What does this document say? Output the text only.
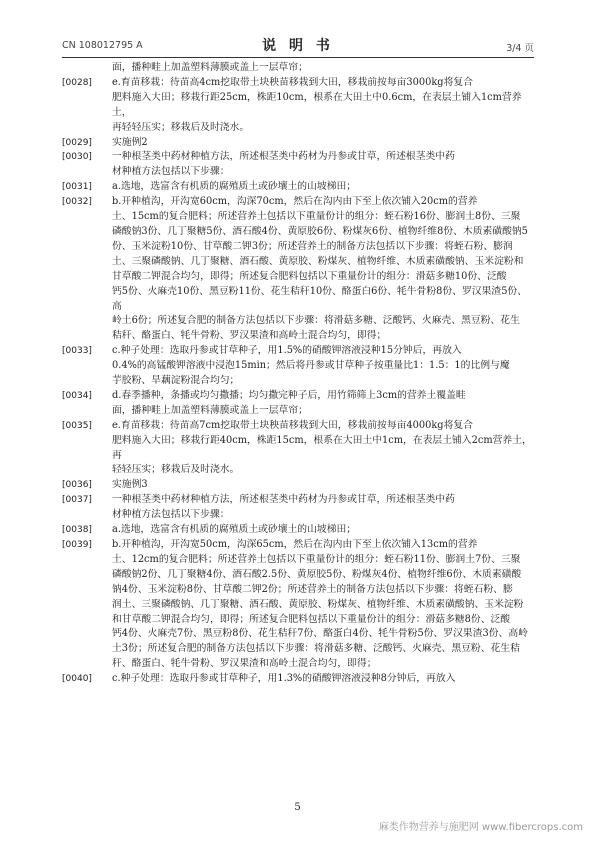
CN 108012795 A	说 明 书	3/4 页
面，播种畦上加盖塑料薄膜或盖上一层草帘；
[0028]	e.育苗移栽：待苗高4cm挖取带土块秧苗移栽到大田，移栽前按每亩3000kg将复合
肥料施入大田；移栽行距25cm，株距10cm，根系在大田土中0.6cm，在表层土铺入1cm营养土，
再轻轻压实；移栽后及时浇水。
[0029]	实施例2
[0030]	一种根茎类中药材种植方法，所述根茎类中药材为丹参或甘草，所述根茎类中药
材种植方法包括以下步骤：
[0031]	a.选地，选富含有机质的腐殖质土或砂壤土的山坡梯田；
[0032]	b.开种植沟，开沟宽60cm，沟深70cm，然后在沟内由下至上依次铺入20cm的营养
土、15cm的复合肥料；所述营养土包括以下重量份计的组分：蛭石粉16份、膨润土8份、三聚
磷酸钠3份、几丁聚糖5份、酒石酸4份、黄原胶6份、粉煤灰6份、植物纤维8份、木质素磺酸钠5
份、玉米淀粉10份、甘草酸二钾3份；所述营养土的制备方法包括以下步骤：将蛭石粉、膨润
土、三聚磷酸钠、几丁聚糖、酒石酸、黄原胶、粉煤灰、植物纤维、木质素磺酸钠、玉米淀粉和
甘草酸二钾混合均匀，即得；所述复合肥料包括以下重量份计的组分：滑菇多糖10份、泛酸
钙5份、火麻壳10份、黑豆粉11份、花生秸秆10份、酪蛋白6份、牦牛骨粉8份、罗汉果渣5份、高
岭土6份；所述复合肥的制备方法包括以下步骤：将滑菇多糖、泛酸钙、火麻壳、黑豆粉、花生
秸秆、酪蛋白、牦牛骨粉、罗汉果渣和高岭土混合均匀，即得；
[0033]	c.种子处理：选取丹参或甘草种子，用1.5%的硝酸钾溶液浸种15分钟后，再放入
0.4%的高锰酸钾溶液中浸泡15min；然后将丹参或甘草种子按重量比1：1.5：1的比例与魔
芋胶粉、旱藕淀粉混合均匀；
[0034]	d.春季播种，条播或均匀撒播；均匀撒完种子后，用竹筛筛上3cm的营养土覆盖畦
面，播种畦上加盖塑料薄膜或盖上一层草帘；
[0035]	e.育苗移栽：待苗高7cm挖取带土块秧苗移栽到大田，移栽前按每亩4000kg将复合
肥料施入大田；移栽行距40cm，株距15cm，根系在大田土中1cm，在表层土铺入2cm营养土，再
轻轻压实；移栽后及时浇水。
[0036]	实施例3
[0037]	一种根茎类中药材种植方法，所述根茎类中药材为丹参或甘草，所述根茎类中药
材种植方法包括以下步骤：
[0038]	a.选地，选富含有机质的腐殖质土或砂壤土的山坡梯田；
[0039]	b.开种植沟，开沟宽50cm，沟深65cm，然后在沟内由下至上依次铺入13cm的营养
土、12cm的复合肥料；所述营养土包括以下重量份计的组分：蛭石粉11份、膨润土7份、三聚
磷酸钠2份、几丁聚糖4份、酒石酸2.5份、黄原胶5份、粉煤灰4份、植物纤维6份、木质素磺酸
钠4份、玉米淀粉8份、甘草酸二钾2份；所述营养土的制备方法包括以下步骤：将蛭石粉、膨
润土、三聚磷酸钠、几丁聚糖、酒石酸、黄原胶、粉煤灰、植物纤维、木质素磺酸钠、玉米淀粉
和甘草酸二钾混合均匀，即得；所述复合肥料包括以下重量份计的组分：滑菇多糖8份、泛酸
钙4份、火麻壳7份、黑豆粉8份、花生秸秆7份、酪蛋白4份、牦牛骨粉5份、罗汉果渣3份、高岭
土3份；所述复合肥的制备方法包括以下步骤：将滑菇多糖、泛酸钙、火麻壳、黑豆粉、花生秸
秆、酪蛋白、牦牛骨粉、罗汉果渣和高岭土混合均匀，即得；
[0040]	c.种子处理：选取丹参或甘草种子，用1.3%的硝酸钾溶液浸种8分钟后，再放入
5
麻类作物营养与施肥网 www.fibercrops.com
